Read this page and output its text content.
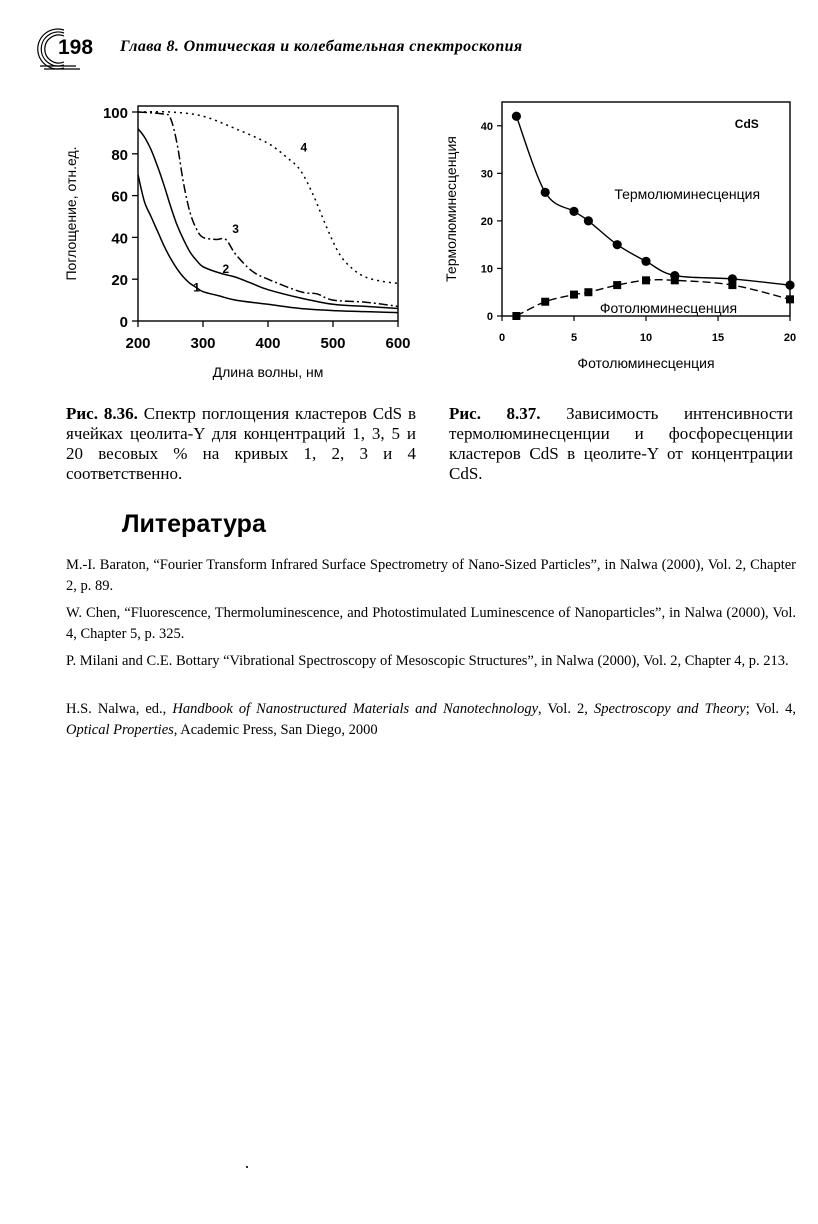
198 Глава 8. Оптическая и колебательная спектроскопия
0
20
40
60
80
100
200	300	400	500	600
1
2
3
4
Поглощение, отн.ед.
Длина волны, нм
0
10
20
30
40
0	5	10	15	20
CdS
Термолюминесценция
Фотолюминесценция
Термолюминесценция
Фотолюминесценция
Рис. 8.36. Спектр поглощения кластеров CdS в ячейках цеолита-Y для концентраций 1, 3, 5 и 20 весовых % на кривых 1, 2, 3 и 4 соответственно.
Рис. 8.37. Зависимость интенсивности термолюминесценции и фосфоресценции кластеров CdS в цеолите-Y от концентрации CdS.
Литература
M.-I. Baraton, “Fourier Transform Infrared Surface Spectrometry of Nano-Sized Particles”, in Nalwa (2000), Vol. 2, Chapter 2, p. 89.
W. Chen, “Fluorescence, Thermoluminescence, and Photostimulated Luminescence of Nanoparticles”, in Nalwa (2000), Vol. 4, Chapter 5, p. 325.
P. Milani and C.E. Bottary “Vibrational Spectroscopy of Mesoscopic Structures”, in Nalwa (2000), Vol. 2, Chapter 4, p. 213.
H.S. Nalwa, ed., Handbook of Nanostructured Materials and Nanotechnology, Vol. 2, Spectroscopy and Theory; Vol. 4, Optical Properties, Academic Press, San Diego, 2000
